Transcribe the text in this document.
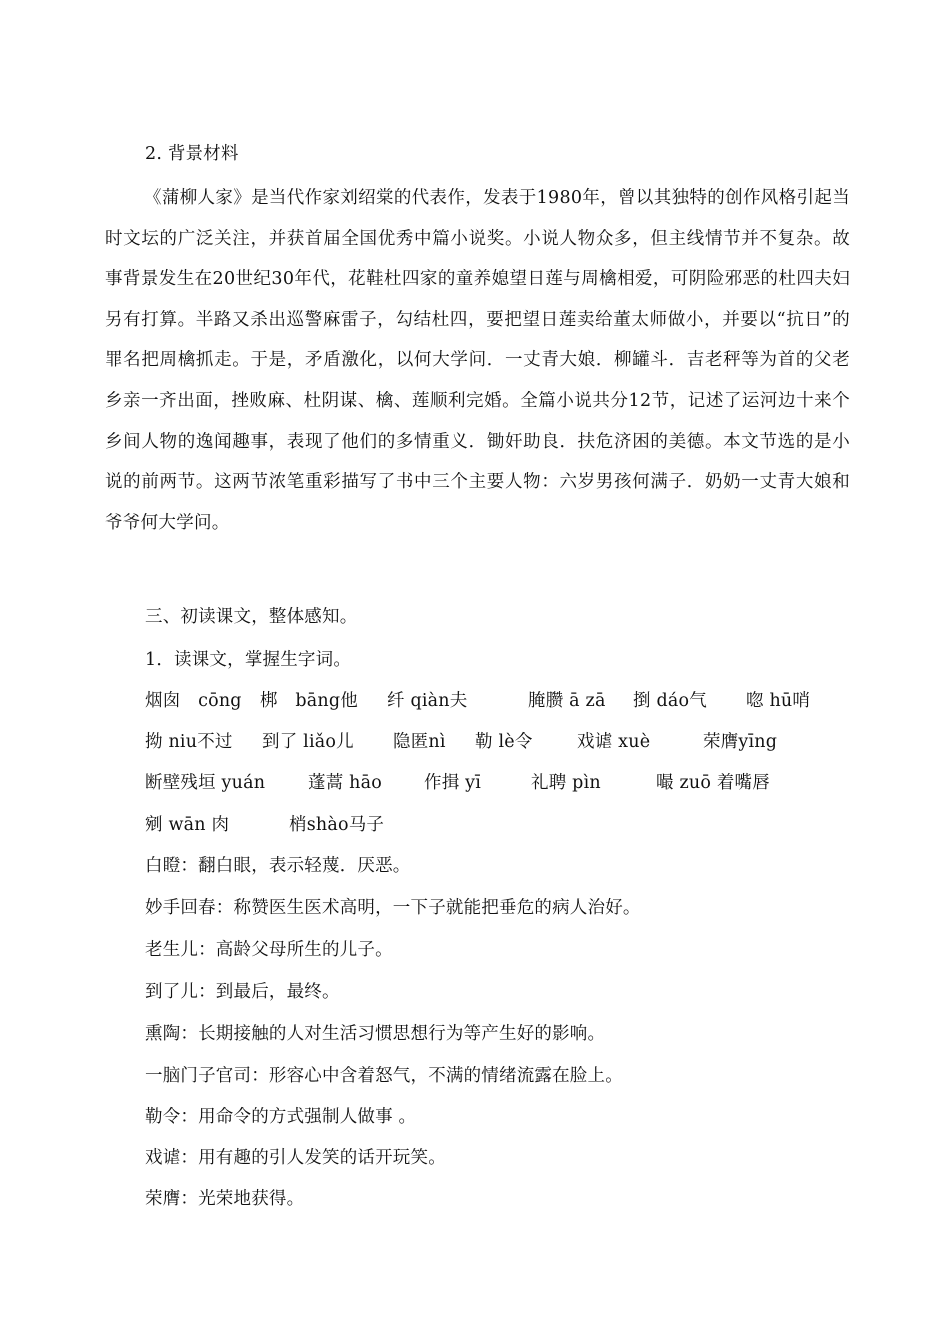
2. 背景材料

《蒲柳人家》是当代作家刘绍棠的代表作，发表于1980年，曾以其独特的创作风格引起当时文坛的广泛关注，并获首届全国优秀中篇小说奖。小说人物众多，但主线情节并不复杂。故事背景发生在20世纪30年代，花鞋杜四家的童养媳望日莲与周檎相爱，可阴险邪恶的杜四夫妇另有打算。半路又杀出巡警麻雷子，勾结杜四，要把望日莲卖给董太师做小，并要以“抗日”的罪名把周檎抓走。于是，矛盾激化，以何大学问．一丈青大娘．柳罐斗．吉老秤等为首的父老乡亲一齐出面，挫败麻、杜阴谋、檎、莲顺利完婚。全篇小说共分12节，记述了运河边十来个乡间人物的逸闻趣事，表现了他们的多情重义．锄奸助良．扶危济困的美德。本文节选的是小说的前两节。这两节浓笔重彩描写了书中三个主要人物：六岁男孩何满子．奶奶一丈青大娘和爷爷何大学问。

三、初读课文，整体感知。
1．读课文，掌握生字词。
烟囱　cōng 梆　bāng他 纤 qiàn夫	腌臜 ā zā 捯 dáo气 唿 hū哨
拗 niu不过 到了 liǎo儿 隐匿nì 勒 lè令	戏谑 xuè	荣膺yīng
断壁残垣 yuán 蓬蒿 hāo 作揖 yī	礼聘 pìn	嘬 zuō 着嘴唇
剜 wān 肉	梢shào马子
白瞪：翻白眼，表示轻蔑．厌恶。
妙手回春：称赞医生医术高明，一下子就能把垂危的病人治好。
老生儿：高龄父母所生的儿子。
到了儿：到最后，最终。
熏陶：长期接触的人对生活习惯思想行为等产生好的影响。
一脑门子官司：形容心中含着怒气，不满的情绪流露在脸上。
勒令：用命令的方式强制人做事 。
戏谑：用有趣的引人发笑的话开玩笑。
荣膺：光荣地获得。
